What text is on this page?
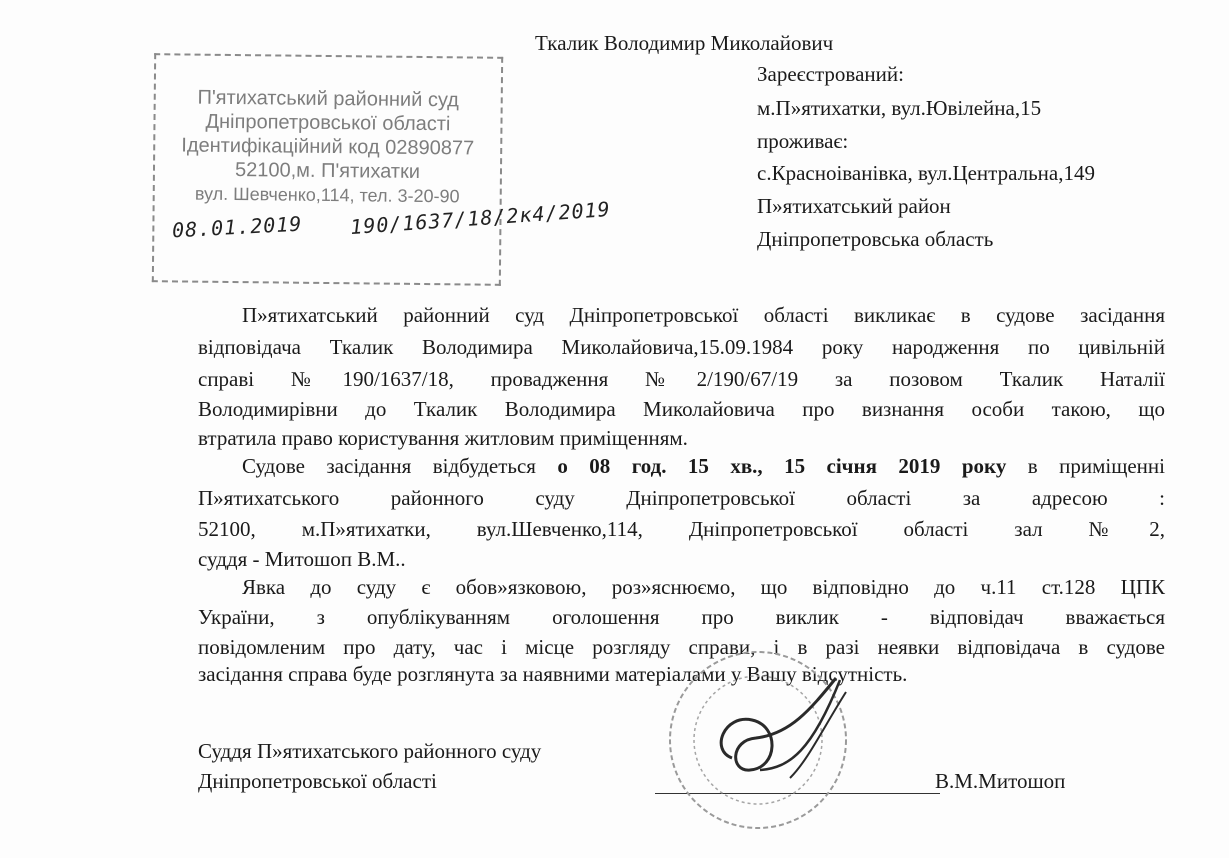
Ткалик Володимир Миколайович
Зареєстрований:
м.П»ятихатки, вул.Ювілейна,15
проживає:
с.Красноіванівка, вул.Центральна,149
П»ятихатський район
Дніпропетровська область
П'ятихатський районний суд
Дніпропетровської області
Ідентифікаційний код 02890877
52100,м. П'ятихатки
вул. Шевченко,114, тел. 3-20-90
08.01.2019 190/1637/18/2к4/2019
П»ятихатський районний суд Дніпропетровської області викликає в судове засідання
відповідача Ткалик Володимира Миколайовича,15.09.1984 року народження по цивільній
справі №190/1637/18, провадження №2/190/67/19 за позовом Ткалик Наталії
Володимирівни до Ткалик Володимира Миколайовича про визнання особи такою, що
втратила право користування житловим приміщенням.
Судове засідання відбудеться о 08 год. 15 хв., 15 січня 2019 року в приміщенні
П»ятихатського районного суду Дніпропетровської області за адресою :
52100, м.П»ятихатки, вул.Шевченко,114, Дніпропетровської області зал №2,
суддя - Митошоп В.М..
Явка до суду є обов»язковою, роз»яснюємо, що відповідно до ч.11 ст.128 ЦПК
України, з опублікуванням оголошення про виклик - відповідач вважається
повідомленим про дату, час і місце розгляду справи, і в разі неявки відповідача в судове
засідання справа буде розглянута за наявними матеріалами у Вашу відсутність.
Суддя П»ятихатського районного суду
Дніпропетровської області	В.М.Митошоп
